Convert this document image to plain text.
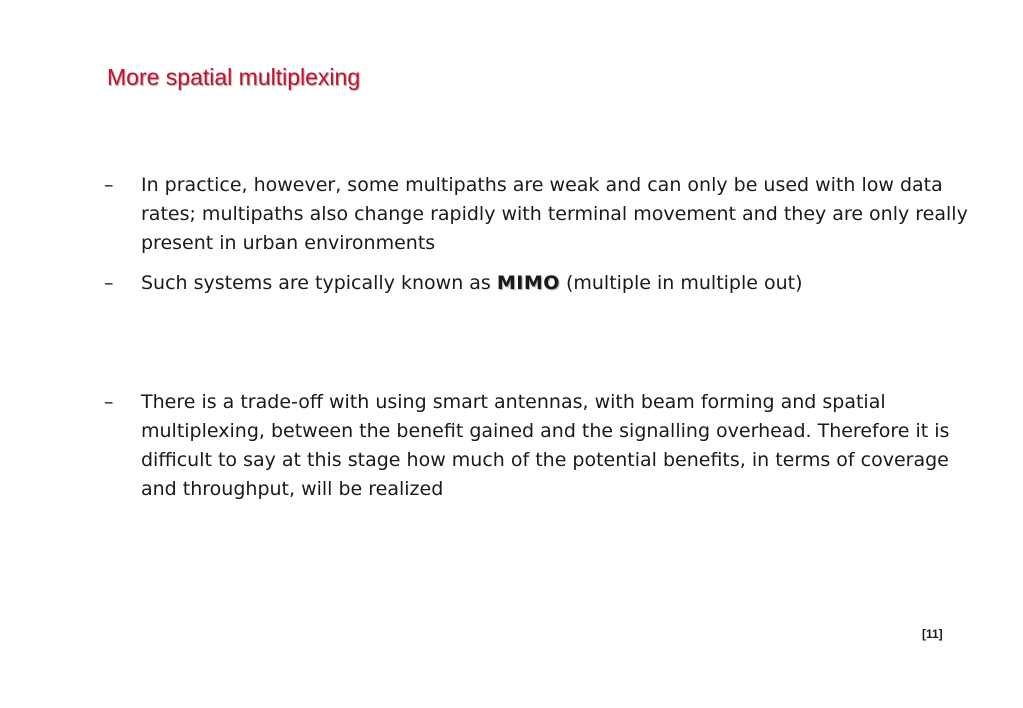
More spatial multiplexing
–	In practice, however, some multipaths are weak and can only be used with low data rates; multipaths also change rapidly with terminal movement and they are only really present in urban environments
–	Such systems are typically known as MIMO (multiple in multiple out)
–	There is a trade-off with using smart antennas, with beam forming and spatial multiplexing, between the benefit gained and the signalling overhead. Therefore it is difficult to say at this stage how much of the potential benefits, in terms of coverage and throughput, will be realized
[11]
